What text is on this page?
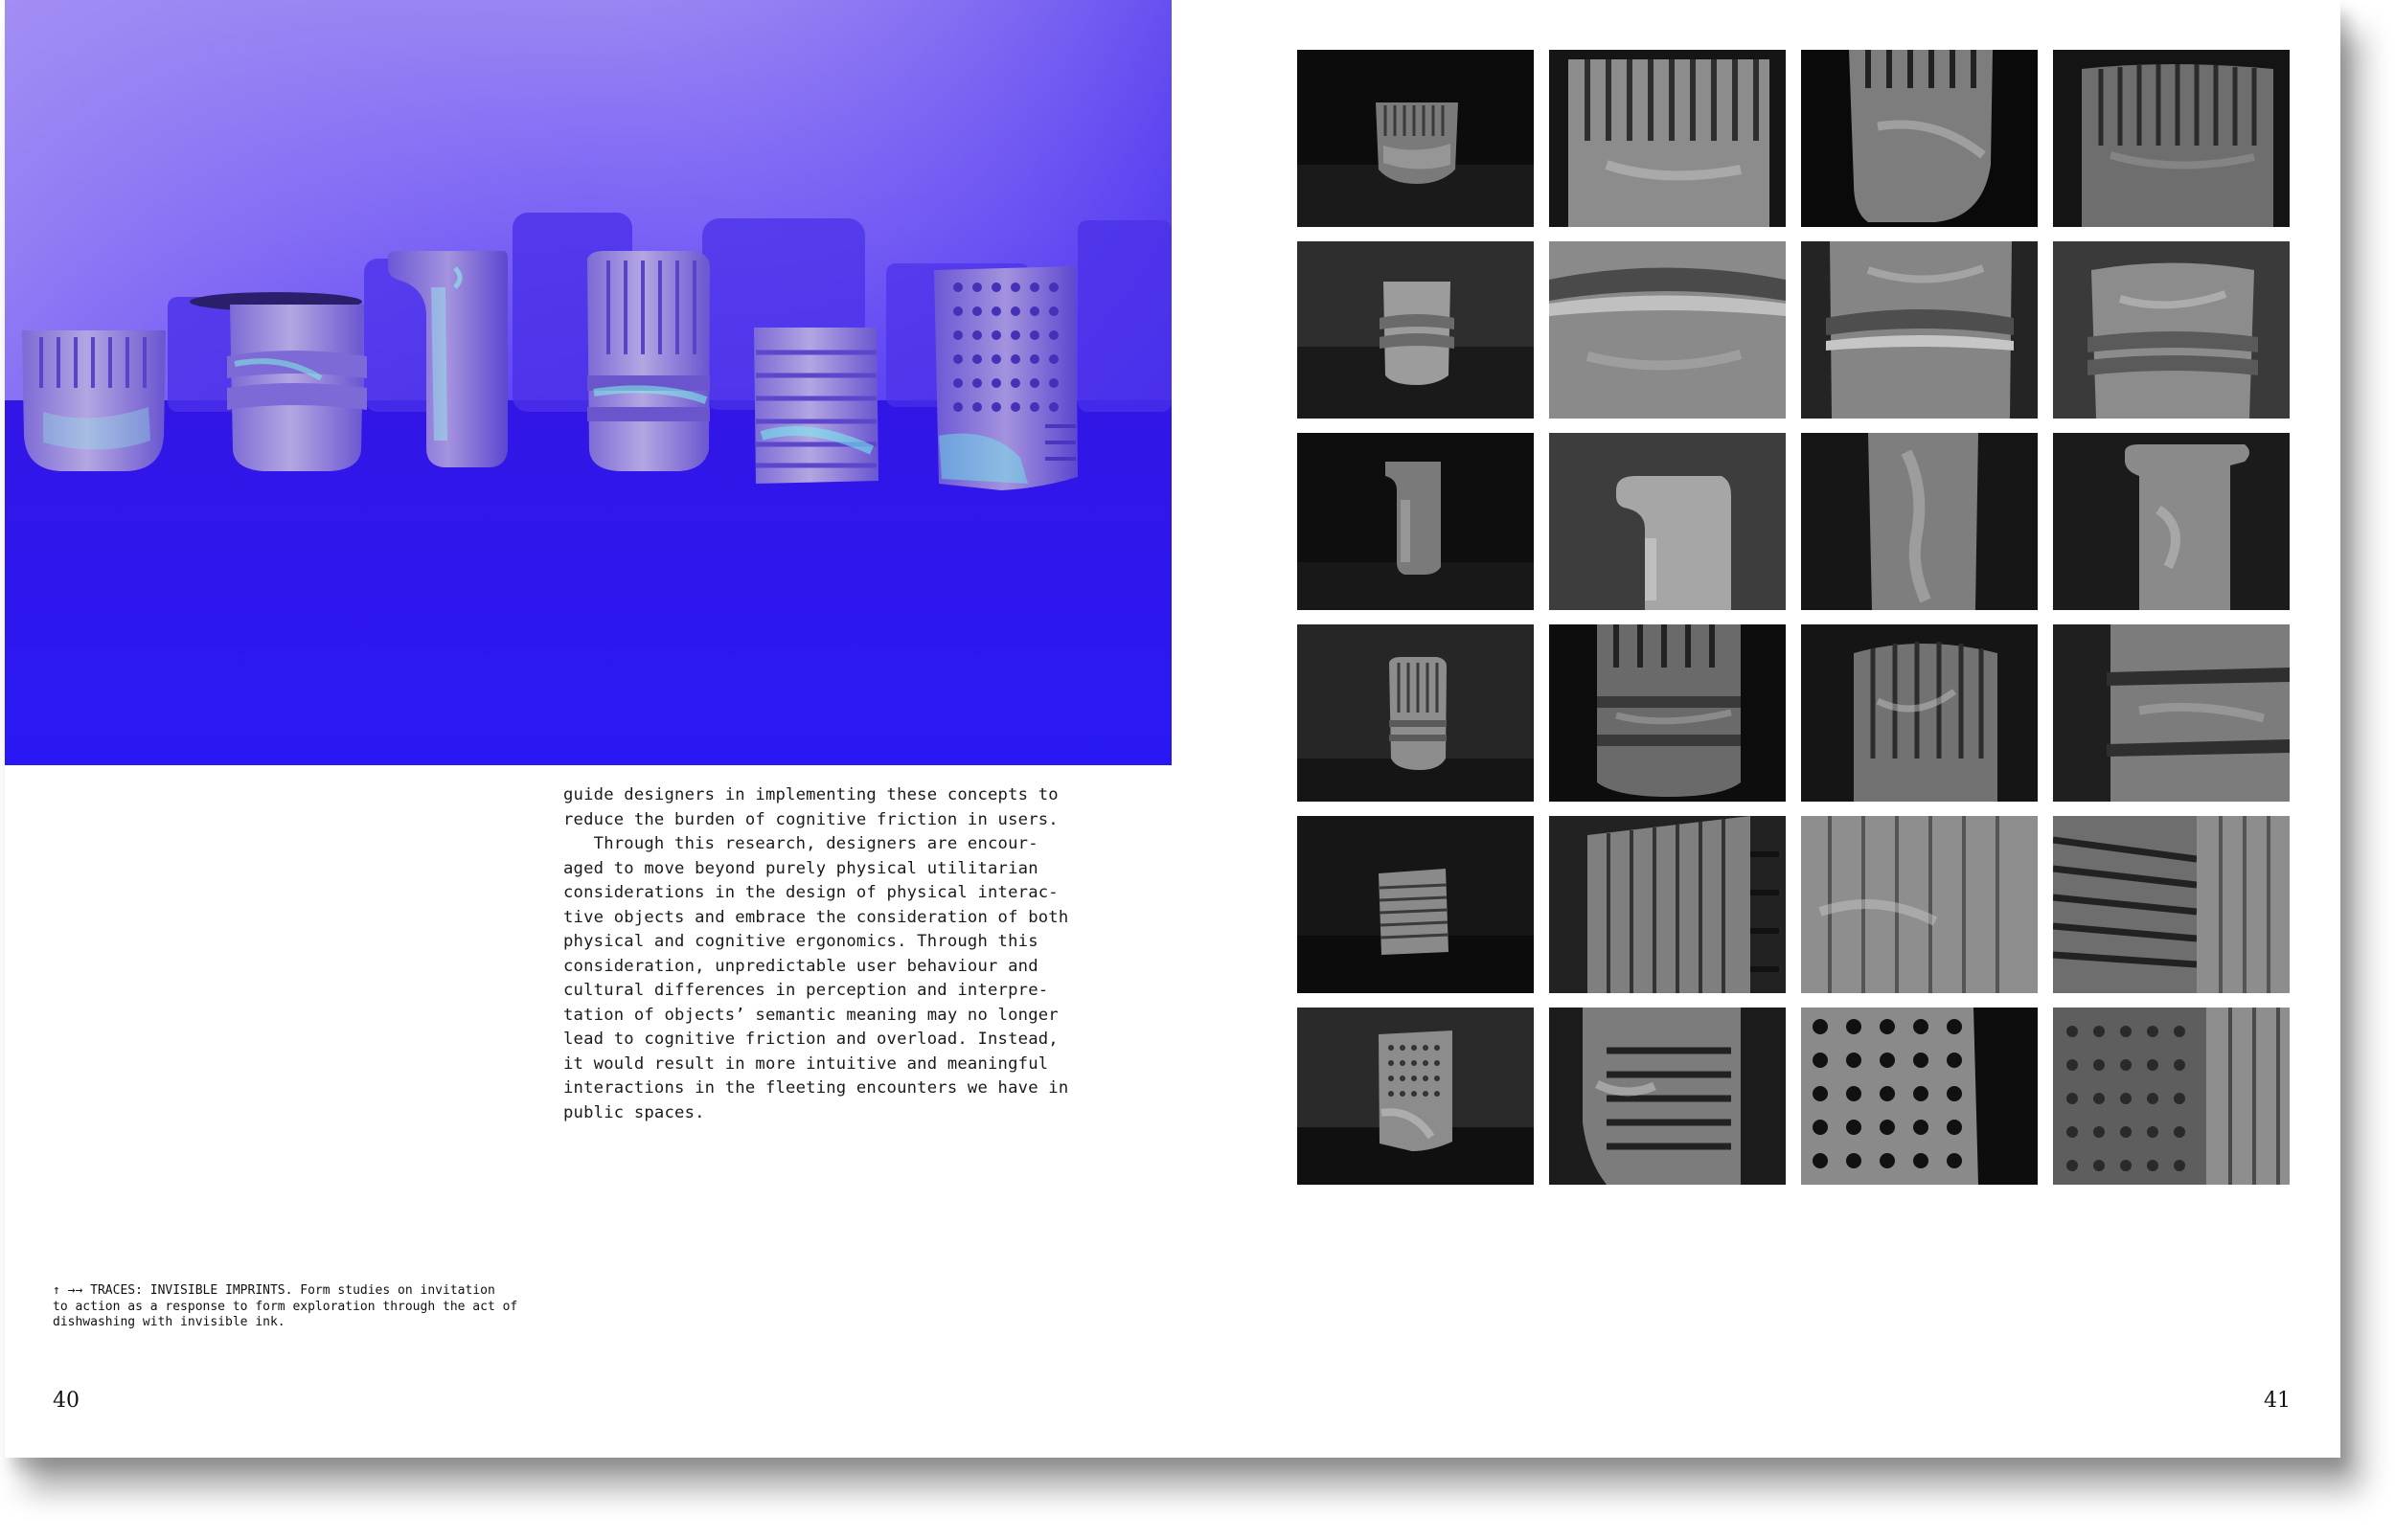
guide designers in implementing these concepts to
reduce the burden of cognitive friction in users.
Through this research, designers are encour-
aged to move beyond purely physical utilitarian
considerations in the design of physical interac-
tive objects and embrace the consideration of both
physical and cognitive ergonomics. Through this
consideration, unpredictable user behaviour and
cultural differences in perception and interpre-
tation of objects’ semantic meaning may no longer
lead to cognitive friction and overload. Instead,
it would result in more intuitive and meaningful
interactions in the fleeting encounters we have in
public spaces.
↑ →→ TRACES: INVISIBLE IMPRINTS. Form studies on invitation
to action as a response to form exploration through the act of
dishwashing with invisible ink.
40	41
